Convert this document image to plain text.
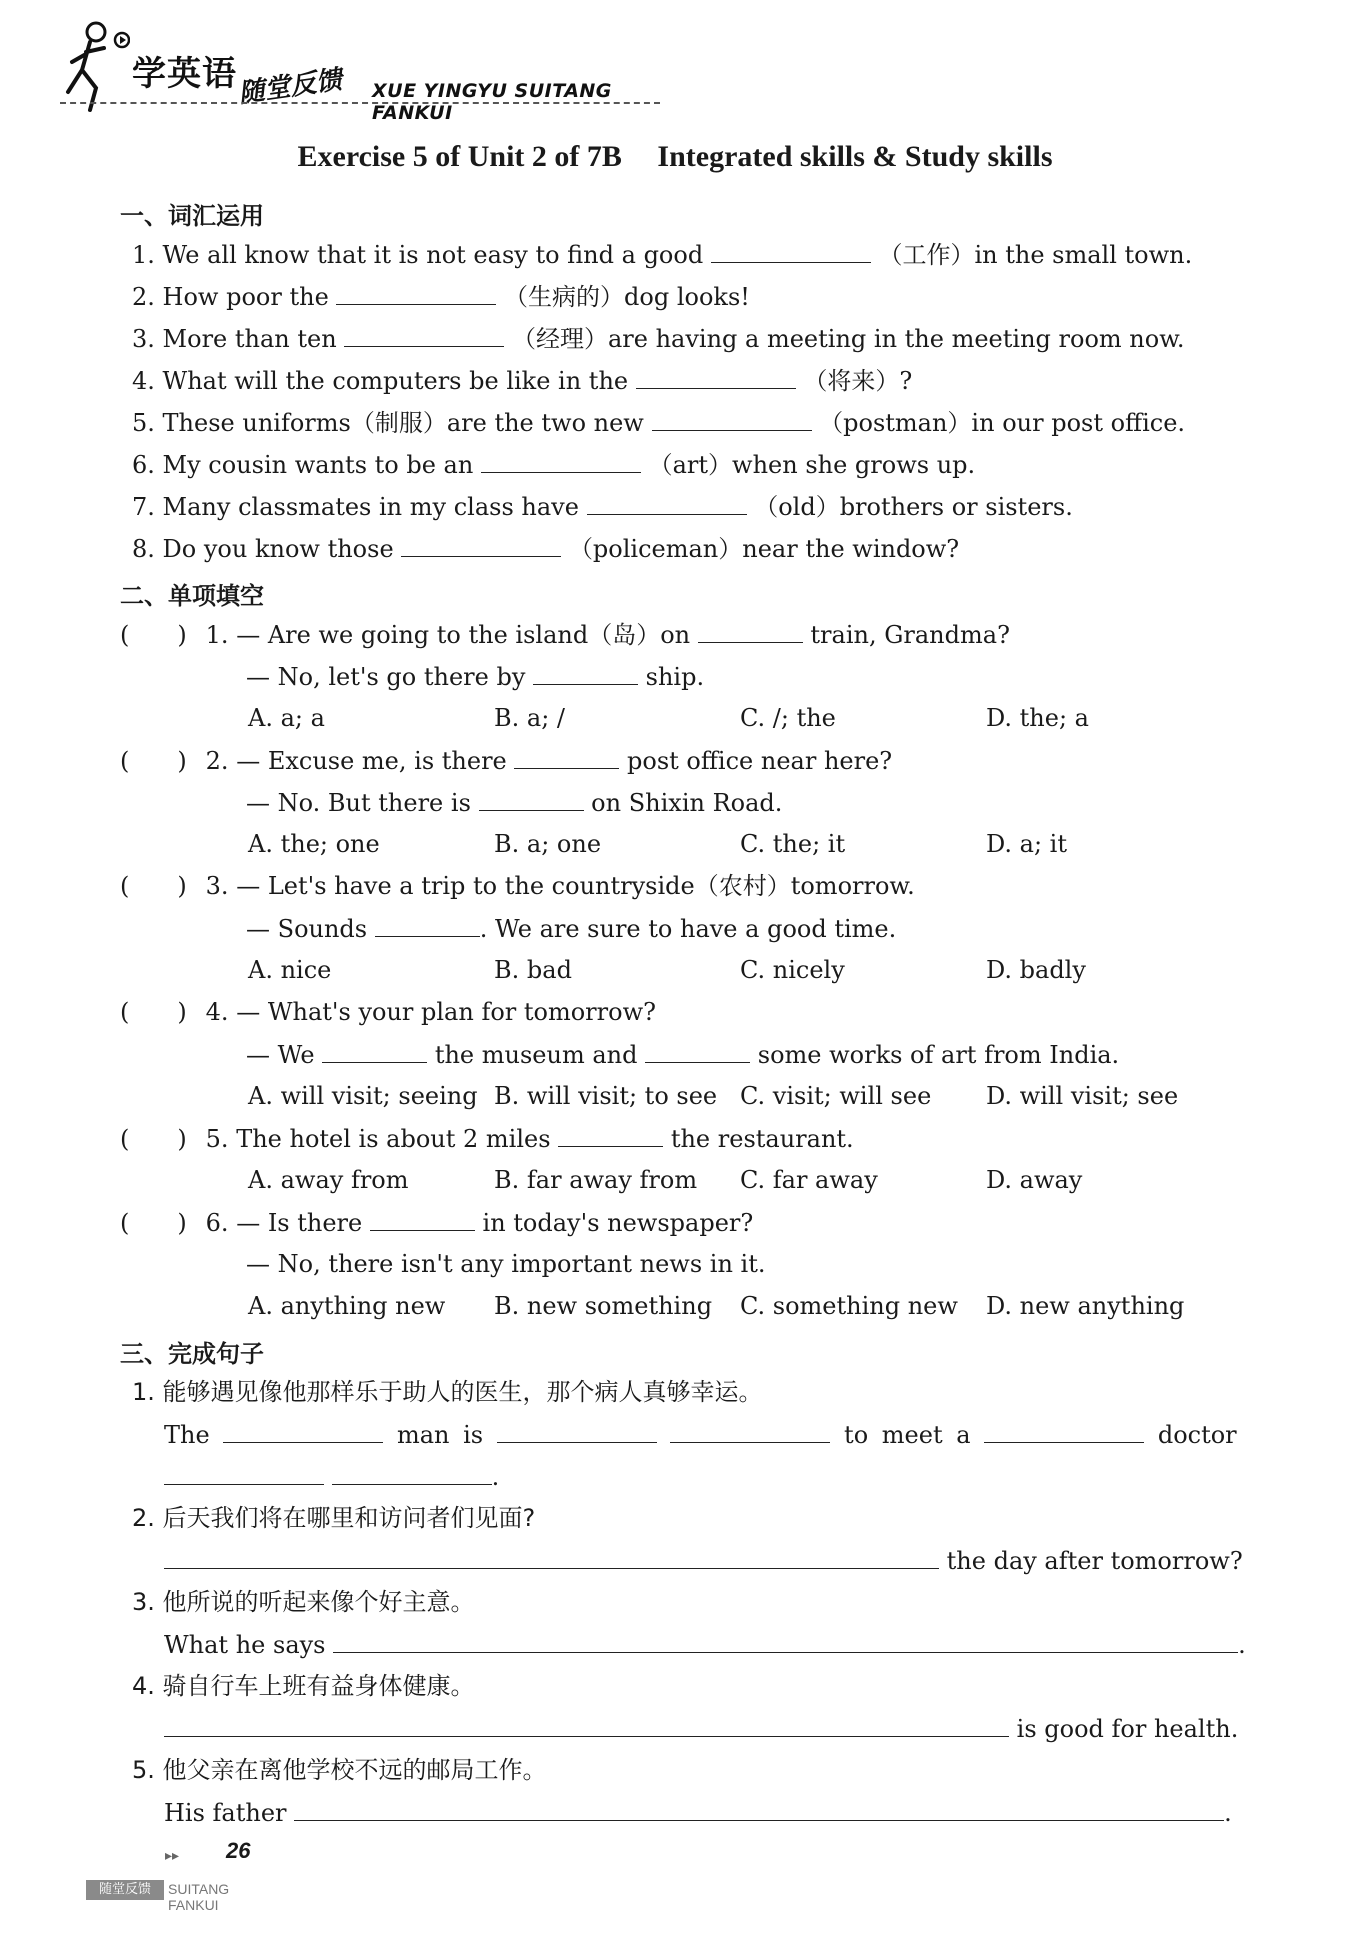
学英语 随堂反馈 XUE YINGYU SUITANG FANKUI
Exercise 5 of Unit 2 of 7B Integrated skills & Study skills
一、词汇运用
1. We all know that it is not easy to find a good	（工作）in the small town.
2. How poor the	（生病的）dog looks!
3. More than ten	（经理）are having a meeting in the meeting room now.
4. What will the computers be like in the	（将来）?
5. These uniforms（制服）are the two new	（postman）in our post office.
6. My cousin wants to be an	（art）when she grows up.
7. Many classmates in my class have	（old）brothers or sisters.
8. Do you know those	（policeman）near the window?
二、单项填空
(　　) 1. — Are we going to the island（岛）on	train, Grandma?
— No, let's go there by	ship.
A. a; a	B. a; /	C. /; the	D. the; a
(　　) 2. — Excuse me, is there	post office near here?
— No. But there is	on Shixin Road.
A. the; one	B. a; one	C. the; it	D. a; it
(　　) 3. — Let's have a trip to the countryside（农村）tomorrow.
— Sounds	. We are sure to have a good time.
A. nice	B. bad	C. nicely	D. badly
(　　) 4. — What's your plan for tomorrow?
— We	the museum and	some works of art from India.
A. will visit; seeing B. will visit; to see C. visit; will see D. will visit; see
(　　) 5. The hotel is about 2 miles	the restaurant.
A. away from	B. far away from C. far away	D. away
(　　) 6. — Is there	in today's newspaper?
— No, there isn't any important news in it.
A. anything new B. new something C. something new D. new anything
三、完成句子
1. 能够遇见像他那样乐于助人的医生，那个病人真够幸运。
The	man is	to meet a	doctor
.
2. 后天我们将在哪里和访问者们见面?
the day after tomorrow?
3. 他所说的听起来像个好主意。
What he says	.
4. 骑自行车上班有益身体健康。
is good for health.
5. 他父亲在离他学校不远的邮局工作。
His father	.
▸▸ 26
随堂反馈	SUITANG FANKUI
